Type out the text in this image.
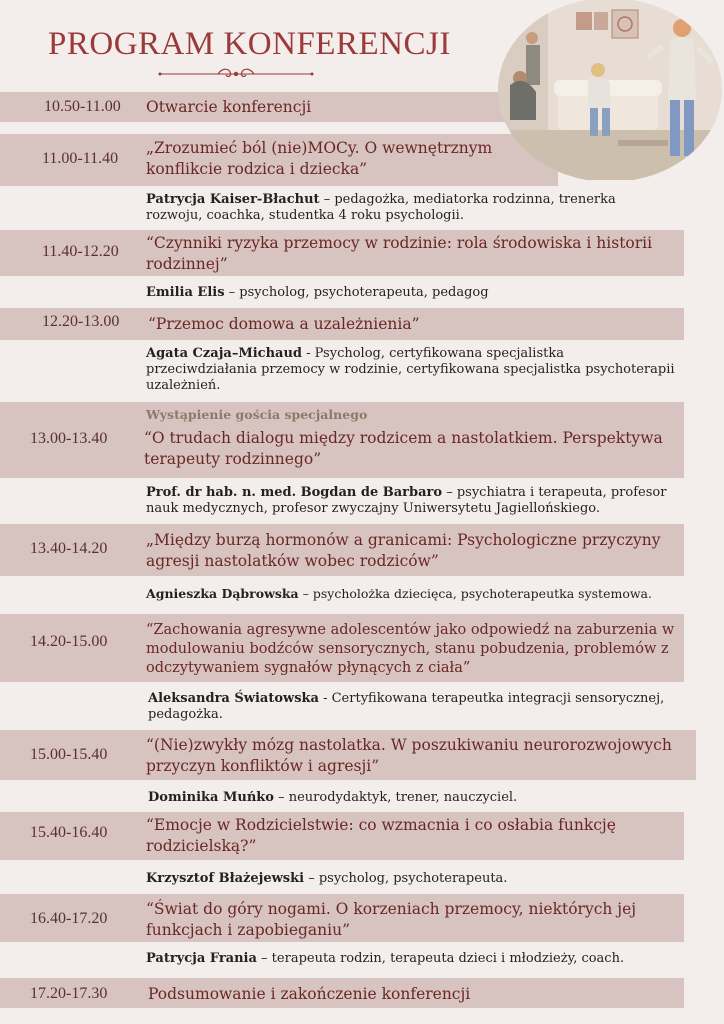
PROGRAM KONFERENCJI
10.50-11.00
11.00-11.40
11.40-12.20
12.20-13.00
13.00-13.40
13.40-14.20
14.20-15.00
15.00-15.40
15.40-16.40
16.40-17.20
17.20-17.30

Otwarcie konferencji

„Zrozumieć ból (nie)MOCy. O wewnętrznym konflikcie rodzica i dziecka”

“Czynniki ryzyka przemocy w rodzinie: rola środowiska i historii rodzinnej”

“Przemoc domowa a uzależnienia”

Wystąpienie gościa specjalnego

“O trudach dialogu między rodzicem a nastolatkiem. Perspektywa terapeuty rodzinnego”

„Między burzą hormonów a granicami: Psychologiczne przyczyny agresji nastolatków wobec rodziców”

“Zachowania agresywne adolescentów jako odpowiedź na zaburzenia w modulowaniu bodźców sensorycznych, stanu pobudzenia, problemów z odczytywaniem sygnałów płynących z ciała”

“(Nie)zwykły mózg nastolatka. W poszukiwaniu neurorozwojowych przyczyn konfliktów i agresji”

“Emocje w Rodzicielstwie: co wzmacnia i co osłabia funkcję rodzicielską?”

“Świat do góry nogami. O korzeniach przemocy, niektórych jej funkcjach i zapobieganiu”

Podsumowanie i zakończenie konferencji

Patrycja Kaiser-Błachut – pedagożka, mediatorka rodzinna, trenerka rozwoju, coachka, studentka 4 roku psychologii.

Emilia Elis – psycholog, psychoterapeuta, pedagog

Agata Czaja–Michaud - Psycholog, certyfikowana specjalistka przeciwdziałania przemocy w rodzinie, certyfikowana specjalistka psychoterapii uzależnień.

Prof. dr hab. n. med. Bogdan de Barbaro – psychiatra i terapeuta, profesor nauk medycznych, profesor zwyczajny Uniwersytetu Jagiellońskiego.

Agnieszka Dąbrowska – psycholożka dziecięca, psychoterapeutka systemowa.

Aleksandra Światowska - Certyfikowana terapeutka integracji sensorycznej, pedagożka.

Dominika Muńko – neurodydaktyk, trener, nauczyciel.

Krzysztof Błażejewski – psycholog, psychoterapeuta.

Patrycja Frania – terapeuta rodzin, terapeuta dzieci i młodzieży, coach.
